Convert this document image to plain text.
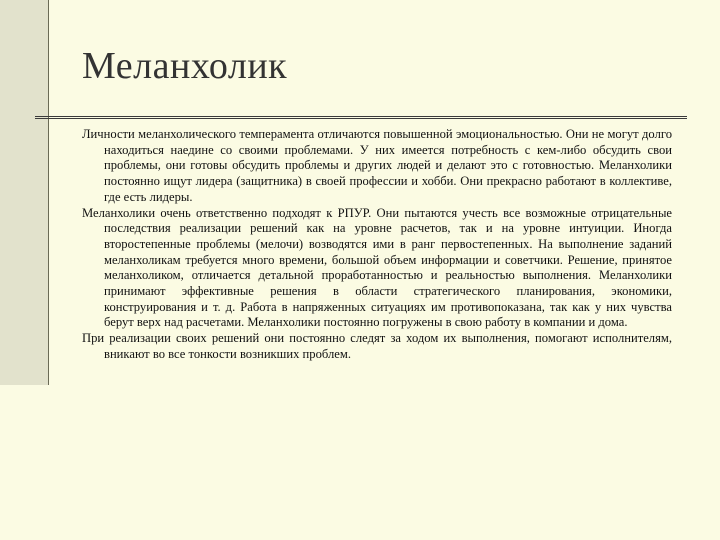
Меланхолик

Личности меланхолического темперамента отличаются повышенной эмоциональностью. Они не могут долго находиться наедине со своими проблемами. У них имеется потребность с кем-либо обсудить свои проблемы, они готовы обсудить проблемы и других людей и делают это с готовностью. Меланхолики постоянно ищут лидера (защитника) в своей профессии и хобби. Они прекрасно работают в коллективе, где есть лидеры.

Меланхолики очень ответственно подходят к РПУР. Они пытаются учесть все возможные отрицательные последствия реализации решений как на уровне расчетов, так и на уровне интуиции. Иногда второстепенные проблемы (мелочи) возводятся ими в ранг первостепенных. На выполнение заданий меланхоликам требуется много времени, большой объем информации и советчики. Решение, принятое меланхоликом, отличается детальной проработанностью и реальностью выполнения. Меланхолики принимают эффективные решения в области стратегического планирования, экономики, конструирования и т. д. Работа в напряженных ситуациях им противопоказана, так как у них чувства берут верх над расчетами. Меланхолики постоянно погружены в свою работу в компании и дома.

При реализации своих решений они постоянно следят за ходом их выполнения, помогают исполнителям, вникают во все тонкости возникших проблем.
